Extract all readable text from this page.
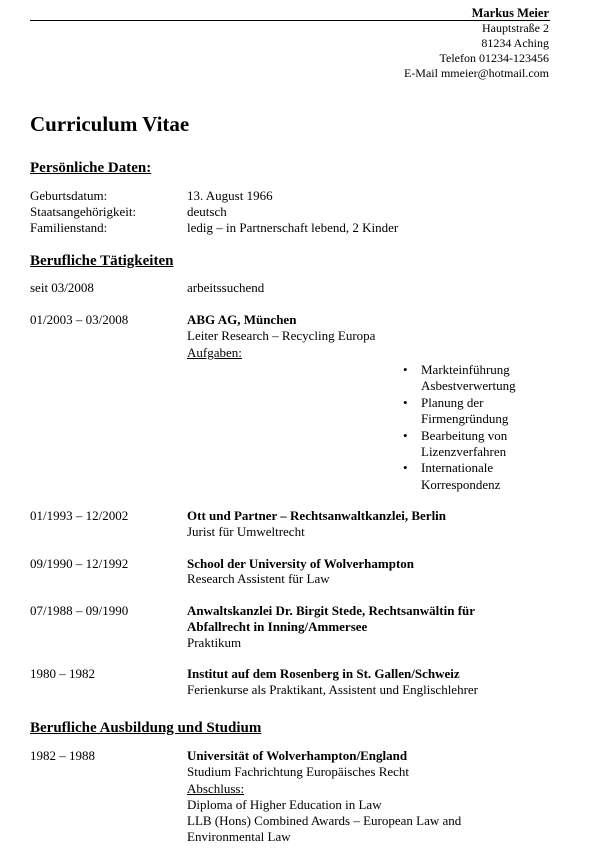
Markus Meier
Hauptstraße 2
81234 Aching
Telefon 01234-123456
E-Mail mmeier@hotmail.com
Curriculum Vitae
Persönliche Daten:
Geburtsdatum:	13. August 1966
Staatsangehörigkeit:	deutsch
Familienstand:	ledig – in Partnerschaft lebend, 2 Kinder
Berufliche Tätigkeiten
seit 03/2008	arbeitssuchend
01/2003 – 03/2008	ABG AG, München
Leiter Research – Recycling Europa
Aufgaben:
• Markteinführung
Asbestverwertung
• Planung der
Firmengründung
• Bearbeitung von
Lizenzverfahren
• Internationale
Korrespondenz
01/1993 – 12/2002	Ott und Partner – Rechtsanwaltkanzlei, Berlin
Jurist für Umweltrecht
09/1990 – 12/1992	School der University of Wolverhampton
Research Assistent für Law
07/1988 – 09/1990	Anwaltskanzlei Dr. Birgit Stede, Rechtsanwältin für
Abfallrecht in Inning/Ammersee
Praktikum
1980 – 1982	Institut auf dem Rosenberg in St. Gallen/Schweiz
Ferienkurse als Praktikant, Assistent und Englischlehrer
Berufliche Ausbildung und Studium
1982 – 1988	Universität of Wolverhampton/England
Studium Fachrichtung Europäisches Recht
Abschluss:
Diploma of Higher Education in Law
LLB (Hons) Combined Awards – European Law and
Environmental Law
